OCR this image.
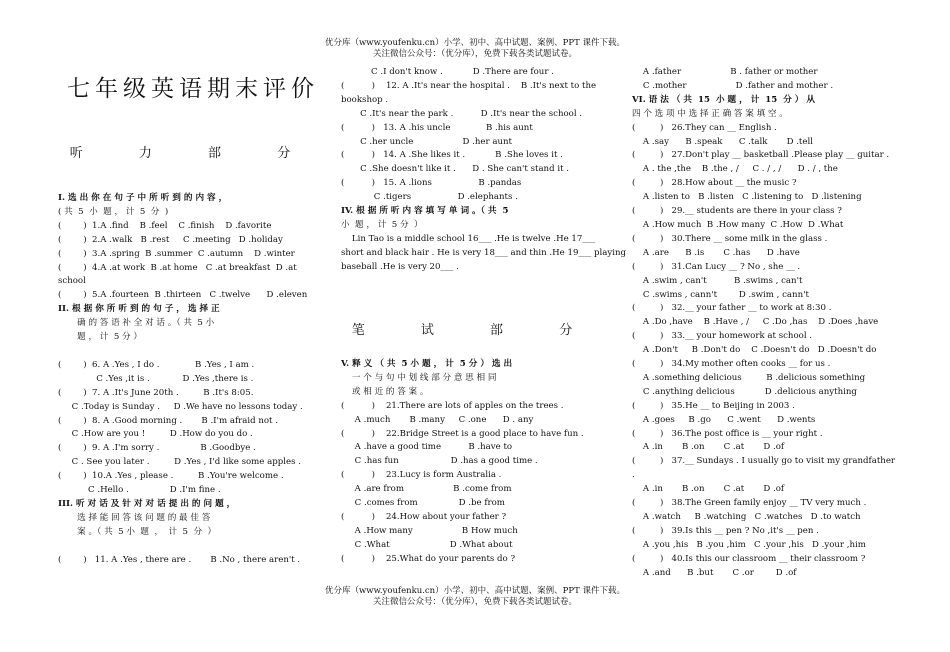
优分库（www.youfenku.cn）小学、初中、高中试题、案例、PPT 课件下载。
关注微信公众号：（优分库），免费下载各类试题试卷。
七年级英语期末评价
听 力 部 分
笔 试 部 分
I. 选 出 你 在 句 子 中 所 听 到 的 内 容 ，
( 共  5  小  题 ， 计  5  分  )
(        )  1.A .find    B .feel    C .finish    D .favorite
(        )  2.A .walk   B .rest     C .meeting   D .holiday
(        )  3.A .spring  B .summer  C .autumn    D .winter
(        )  4.A .at work  B .at home   C .at breakfast  D .at
school
(        )  5.A .fourteen  B .thirteen   C .twelve      D .eleven
II. 根 据 你 所 听 到 的 句 子 ， 选 择 正
确 的 答 语 补 全 对 话 。（ 共  5 小
题 ， 计  5 分 ）

(        )  6. A .Yes , I do .             B .Yes , I am .
C .Yes ,it is .            D .Yes ,there is .
(        )  7. A .It's June 20th .         B .It's 8:05.
C .Today is Sunday .     D .We have no lessons today .
(        )  8. A .Good morning .       B .I'm afraid not .
C .How are you !         D .How do you do .
(        )  9. A .I'm sorry .               B .Goodbye .
C . See you later .         D .Yes , I'd like some apples .
(        )  10.A .Yes , please .         B .You're welcome .
C .Hello .               D .I'm fine .
III. 听 对 话 及 针 对 对 话 提 出 的 问 题 ，
选 择 能 回 答 该 问 题 的 最 佳 答
案 。（ 共  5 小  题  ，  计  5  分  ）

(        )   11. A .Yes , there are .       B .No , there aren't .
C .I don't know .           D .There are four .
(          )    12. A .It's near the hospital .    B .It's next to the
bookshop .
C .It's near the park .          D .It's near the school .
(          )   13. A .his uncle             B .his aunt
C .her uncle                  D .her aunt
(          )   14. A .She likes it .           B .She loves it .
C .She doesn't like it .      D . She can't stand it .
(          )   15. A .lions                 B .pandas
C .tigers                 D .elephants .
IV. 根 据 所 听 内 容 填 写 单 词 。（ 共  5
小  题 ， 计  5 分  ）
Lin Tao is a middle school 16___ .He is twelve .He 17___
short and black hair . He is very 18___ and thin .He 19___ playing
baseball .He is very 20___ .

V. 释 义 （ 共  5 小 题 ， 计  5 分 ） 选 出
一 个 与 句 中 划 线 部 分 意 思 相 同
或 相 近 的 答 案 。
(          )    21.There are lots of apples on the trees .
A .much       B .many     C .one      D . any
(          )    22.Bridge Street is a good place to have fun .
A .have a good time          B .have to
C .has fun                   D .has a good time .
(          )    23.Lucy is form Australia .
A .are from                  B .come from
C .comes from               D .be from
(          )    24.How about your father ?
A .How many                  B How much
C .What                      D .What about
(          )    25.What do your parents do ?
A .father                  B . father or mother
C .mother                  D .father and mother .
VI. 语 法 （ 共  15  小 题 ， 计  15  分 ） 从
四 个 选 项 中 选 择 正 确 答 案 填 空 。
(         )   26.They can __ English .
A .say      B .speak      C .talk       D .tell
(         )   27.Don't play __ basketball .Please play __ guitar .
A . the ,the    B .the , /     C . / , /      D . / , the
(         )   28.How about __ the music ?
A .listen to   B .listen   C .listening to   D .listening
(         )   29.__ students are there in your class ?
A .How much  B .How many  C .How  D .What
(         )   30.There __ some milk in the glass .
A .are      B .is       C .has      D .have
(         )   31.Can Lucy __ ? No , she __ .
A .swim , can't          B .swims , can't
C .swims , cann't        D .swim , cann't
(         )   32.__ your father __ to work at 8:30 .
A .Do ,have    B .Have , /     C .Do ,has    D .Does ,have
(         )   33.__ your homework at school .
A .Don't     B .Don't do    C .Doesn't do   D .Doesn't do
(         )   34.My mother often cooks __ for us .
A .something delicious         B .delicious something
C .anything delicious           D .delicious anything
(         )   35.He __ to Beijing in 2003 .
A .goes     B .go      C .went      D .wents
(         )   36.The post office is __ your right .
A .in       B .on       C .at       D .of
(         )   37.__ Sundays . I usually go to visit my grandfather
.
A .in       B .on       C .at       D .of
(         )   38.The Green family enjoy __ TV very much .
A .watch     B .watching   C .watches   D .to watch
(         )   39.Is this __ pen ? No ,it's __ pen .
A .you ,his   B .you ,him   C .your ,his   D .your ,him
(         )   40.Is this our classroom __ their classroom ?
A .and      B .but       C .or        D .of
优分库（www.youfenku.cn）小学、初中、高中试题、案例、PPT 课件下载。
关注微信公众号：（优分库），免费下载各类试题试卷。
